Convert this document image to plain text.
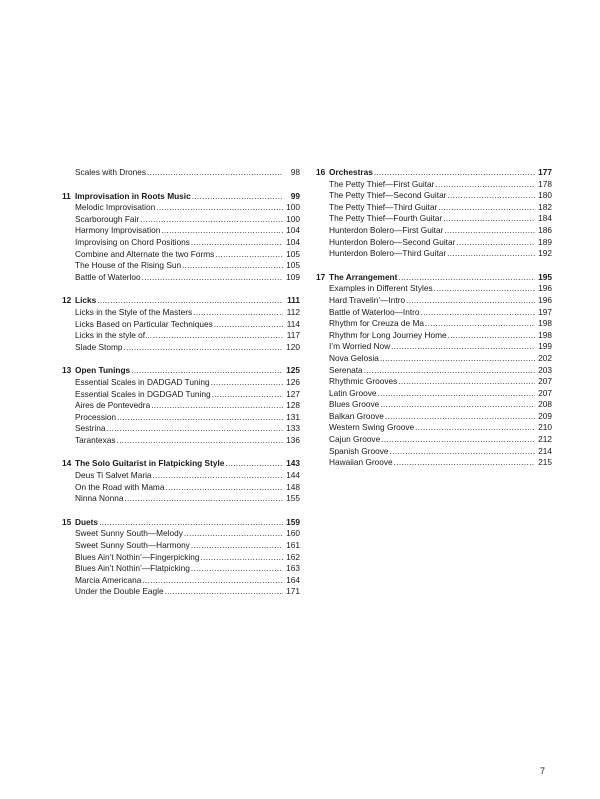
Scales with Drones .....	98
11 Improvisation in Roots Music .....	99
Melodic Improvisation .....	100
Scarborough Fair .....	100
Harmony Improvisation .....	104
Improvising on Chord Positions .....	104
Combine and Alternate the two Forms .....	105
The House of the Rising Sun .....	105
Battle of Waterloo .....	109
12 Licks .....	111
Licks in the Style of the Masters .....	112
Licks Based on Particular Techniques .....	114
Licks in the style of... .....	117
Slade Stomp .....	120
13 Open Tunings .....	125
Essential Scales in DADGAD Tuning .....	126
Essential Scales in DGDGAD Tuning .....	127
Aires de Pontevedra .....	128
Procession .....	131
Sestrina .....	133
Tarantexas .....	136
14 The Solo Guitarist in Flatpicking Style .....	143
Deus Ti Salvet Maria .....	144
On the Road with Mama .....	148
Ninna Nonna .....	155
15 Duets .....	159
Sweet Sunny South—Melody .....	160
Sweet Sunny South—Harmony .....	161
Blues Ain’t Nothin’—Fingerpicking .....	162
Blues Ain’t Nothin’—Flatpicking .....	163
Marcia Americana .....	164
Under the Double Eagle .....	171
16 Orchestras .....	177
The Petty Thief—First Guitar .....	178
The Petty Thief—Second Guitar .....	180
The Petty Thief—Third Guitar .....	182
The Petty Thief—Fourth Guitar .....	184
Hunterdon Bolero—First Guitar .....	186
Hunterdon Bolero—Second Guitar .....	189
Hunterdon Bolero—Third Guitar .....	192
17 The Arrangement .....	195
Examples in Different Styles .....	196
Hard Travelin’—Intro .....	196
Battle of Waterloo—Intro .....	197
Rhythm for Creuza de Ma .....	198
Rhythm for Long Journey Home .....	198
I’m Worried Now .....	199
Nova Gelosia .....	202
Serenata .....	203
Rhythmic Grooves .....	207
Latin Groove .....	207
Blues Groove .....	208
Balkan Groove .....	209
Western Swing Groove .....	210
Cajun Groove .....	212
Spanish Groove .....	214
Hawaiian Groove .....	215
7
